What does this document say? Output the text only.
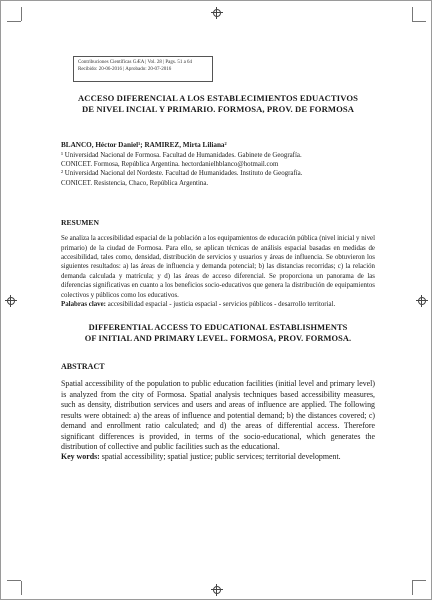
Contribuciones Científicas GÆA | Vol. 28 | Pags. 51 a 64
Recibido: 20-06-2016 | Aprobado: 20-07-2016
ACCESO DIFERENCIAL A LOS ESTABLECIMIENTOS EDUACTIVOS
DE NIVEL INCIAL Y PRIMARIO. FORMOSA, PROV. DE FORMOSA
BLANCO, Héctor Daniel¹; RAMIREZ, Mirta Liliana²
¹ Universidad Nacional de Formosa. Facultad de Humanidades. Gabinete de Geografía.
CONICET. Formosa, República Argentina. hectordanielhblanco@hotmail.com
² Universidad Nacional del Nordeste. Facultad de Humanidades. Instituto de Geografía.
CONICET. Resistencia, Chaco, República Argentina.
RESUMEN

Se analiza la accesibilidad espacial de la población a los equipamientos de educación pública (nivel inicial y nivel primario) de la ciudad de Formosa. Para ello, se aplican técnicas de análisis espacial basadas en medidas de accesibilidad, tales como, densidad, distribución de servicios y usuarios y áreas de influencia. Se obtuvieron los siguientes resultados: a) las áreas de influencia y demanda potencial; b) las distancias recorridas; c) la relación demanda calculada y matrícula; y d) las áreas de acceso diferencial. Se proporciona un panorama de las diferencias significativas en cuanto a los beneficios socio-educativos que genera la distribución de equipamientos colectivos y públicos como los educativos.

Palabras clave: accesibilidad espacial - justicia espacial - servicios públicos - desarrollo territorial.

DIFFERENTIAL ACCESS TO EDUCATIONAL ESTABLISHMENTS
OF INITIAL AND PRIMARY LEVEL. FORMOSA, PROV. FORMOSA.
ABSTRACT

Spatial accessibility of the population to public education facilities (initial level and primary level) is analyzed from the city of Formosa. Spatial analysis techniques based accessibility measures, such as density, distribution services and users and areas of influence are applied. The following results were obtained: a) the areas of influence and potential demand; b) the distances covered; c) demand and enrollment ratio calculated; and d) the areas of differential access. Therefore significant differences is provided, in terms of the socio-educational, which generates the distribution of collective and public facilities such as the educational.

Key words: spatial accessibility; spatial justice; public services; territorial development.
